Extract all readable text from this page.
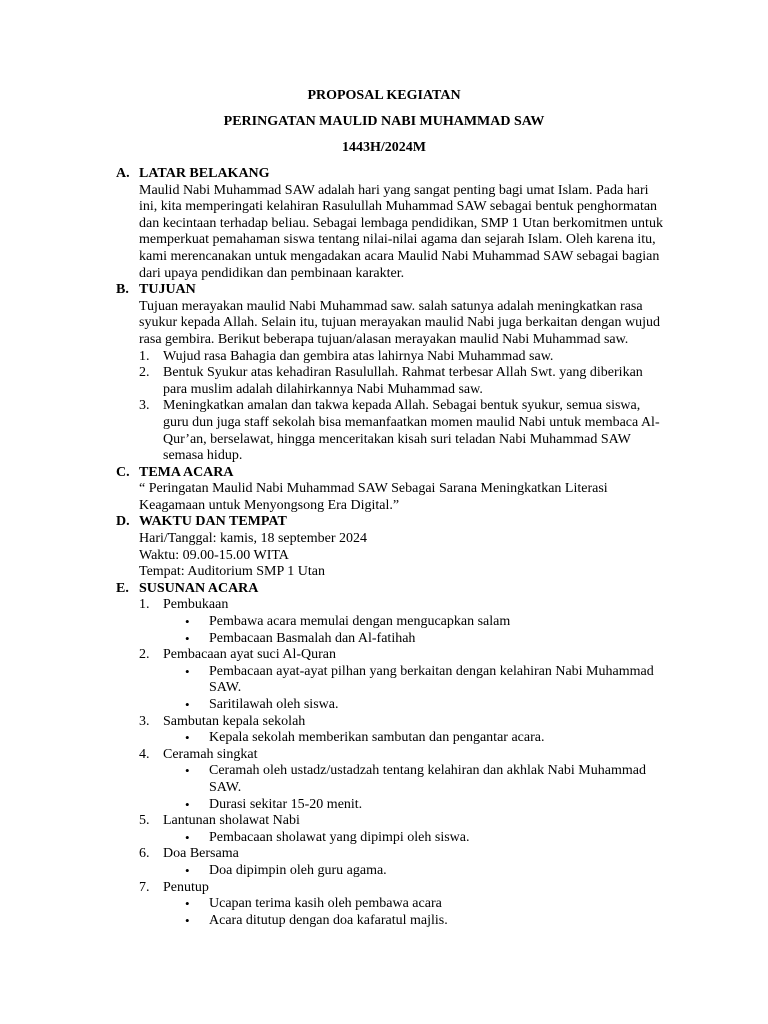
PROPOSAL KEGIATAN
PERINGATAN MAULID NABI MUHAMMAD SAW
1443H/2024M
A. LATAR BELAKANG
Maulid Nabi Muhammad SAW adalah hari yang sangat penting bagi umat Islam. Pada hari
ini, kita memperingati kelahiran Rasulullah Muhammad SAW sebagai bentuk penghormatan
dan kecintaan terhadap beliau. Sebagai lembaga pendidikan, SMP 1 Utan berkomitmen untuk
memperkuat pemahaman siswa tentang nilai-nilai agama dan sejarah Islam. Oleh karena itu,
kami merencanakan untuk mengadakan acara Maulid Nabi Muhammad SAW sebagai bagian
dari upaya pendidikan dan pembinaan karakter.
B. TUJUAN
Tujuan merayakan maulid Nabi Muhammad saw. salah satunya adalah meningkatkan rasa
syukur kepada Allah. Selain itu, tujuan merayakan maulid Nabi juga berkaitan dengan wujud
rasa gembira. Berikut beberapa tujuan/alasan merayakan maulid Nabi Muhammad saw.
1. Wujud rasa Bahagia dan gembira atas lahirnya Nabi Muhammad saw.
2. Bentuk Syukur atas kehadiran Rasulullah. Rahmat terbesar Allah Swt. yang diberikan
para muslim adalah dilahirkannya Nabi Muhammad saw.
3. Meningkatkan amalan dan takwa kepada Allah. Sebagai bentuk syukur, semua siswa,
guru dun juga staff sekolah bisa memanfaatkan momen maulid Nabi untuk membaca Al-
Qur’an, berselawat, hingga menceritakan kisah suri teladan Nabi Muhammad SAW
semasa hidup.
C. TEMA ACARA
“ Peringatan Maulid Nabi Muhammad SAW Sebagai Sarana Meningkatkan Literasi
Keagamaan untuk Menyongsong Era Digital.”
D. WAKTU DAN TEMPAT
Hari/Tanggal: kamis, 18 september 2024
Waktu: 09.00-15.00 WITA
Tempat: Auditorium SMP 1 Utan
E. SUSUNAN ACARA
1. Pembukaan
• Pembawa acara memulai dengan mengucapkan salam
• Pembacaan Basmalah dan Al-fatihah
2. Pembacaan ayat suci Al-Quran
• Pembacaan ayat-ayat pilhan yang berkaitan dengan kelahiran Nabi Muhammad
SAW.
• Saritilawah oleh siswa.
3. Sambutan kepala sekolah
• Kepala sekolah memberikan sambutan dan pengantar acara.
4. Ceramah singkat
• Ceramah oleh ustadz/ustadzah tentang kelahiran dan akhlak Nabi Muhammad
SAW.
• Durasi sekitar 15-20 menit.
5. Lantunan sholawat Nabi
• Pembacaan sholawat yang dipimpi oleh siswa.
6. Doa Bersama
• Doa dipimpin oleh guru agama.
7. Penutup
• Ucapan terima kasih oleh pembawa acara
• Acara ditutup dengan doa kafaratul majlis.
